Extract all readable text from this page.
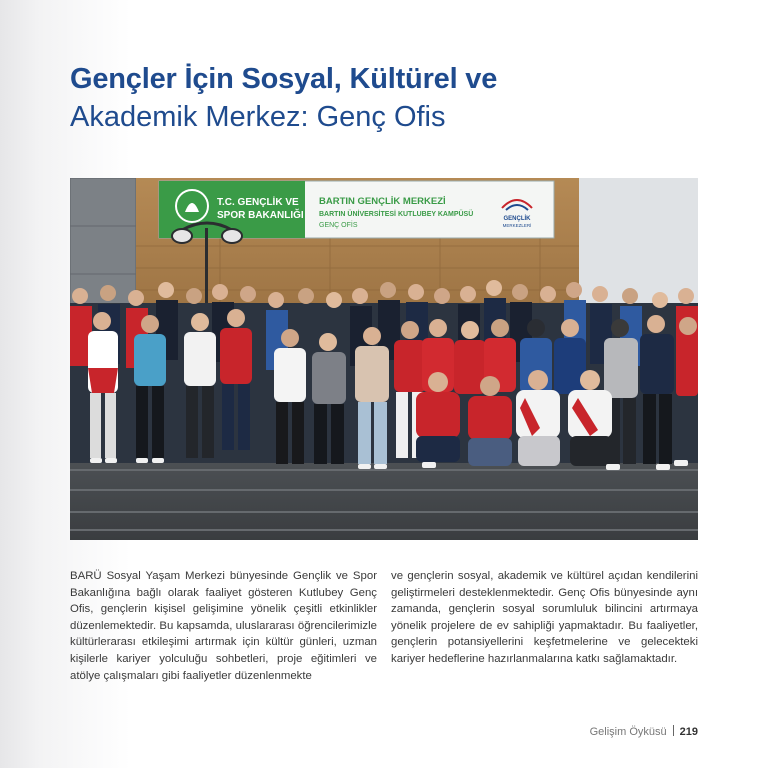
Gençler İçin Sosyal, Kültürel ve
Akademik Merkez: Genç Ofis
T.C. GENÇLİK VE
SPOR BAKANLIĞI
BARTIN GENÇLİK MERKEZİ
BARTIN ÜNİVERSİTESİ KUTLUBEY KAMPÜSÜ
GENÇ OFİS
GENÇLİK
MERKEZLERİ
BARÜ Sosyal Yaşam Merkezi bünyesinde Gençlik ve Spor Bakanlığına bağlı olarak faaliyet gösteren Kutlubey Genç Ofis, gençlerin kişisel gelişimine yönelik çeşitli etkinlikler düzenlemektedir. Bu kapsamda, uluslararası öğrencilerimizle kültürlerarası etkileşimi artırmak için kültür günleri, uzman kişilerle kariyer yolculuğu sohbetleri, proje eğitimleri ve atölye çalışmaları gibi faaliyetler düzenlenmekte
ve gençlerin sosyal, akademik ve kültürel açıdan kendilerini geliştirmeleri desteklenmektedir. Genç Ofis bünyesinde aynı zamanda, gençlerin sosyal sorumluluk bilincini artırmaya yönelik projelere de ev sahipliği yapmaktadır. Bu faaliyetler, gençlerin potansiyellerini keşfetmelerine ve gelecekteki kariyer hedeflerine hazırlanmalarına katkı sağlamaktadır.
Gelişim Öyküsü 219
